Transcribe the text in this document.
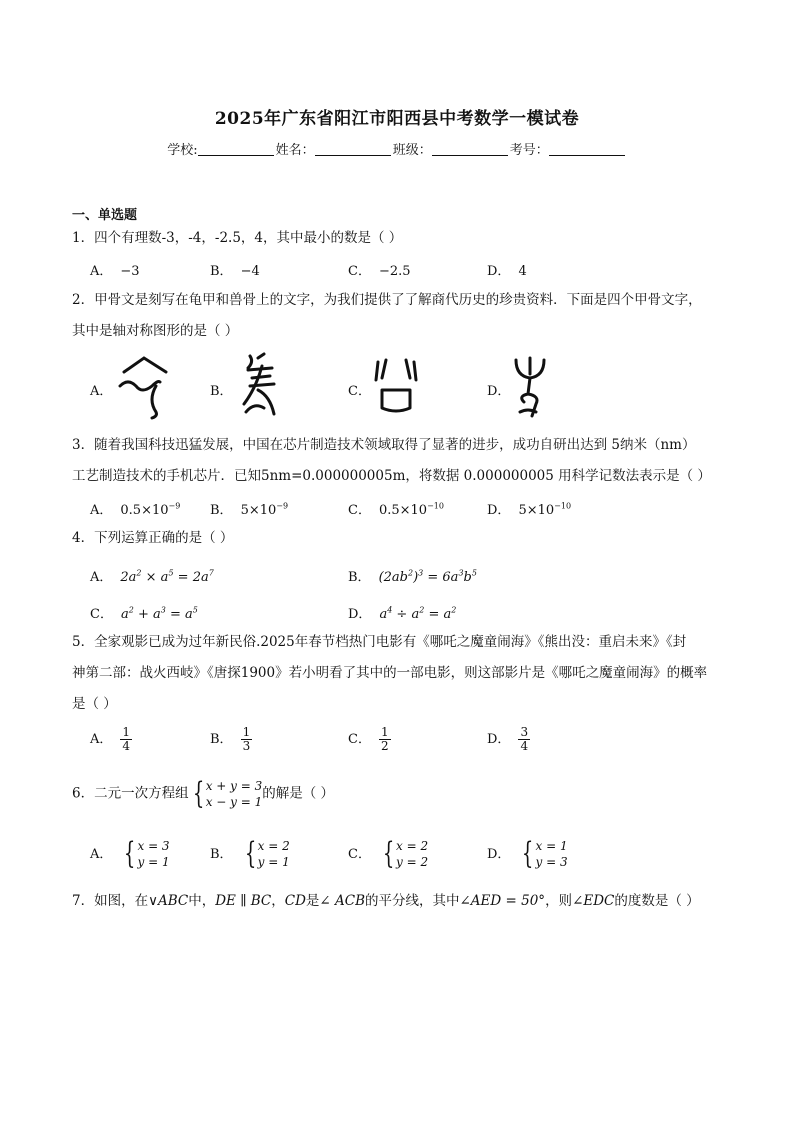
2025年广东省阳江市阳西县中考数学一模试卷
学校:	姓名：	班级：	考号：
一、单选题
1．四个有理数-3，-4，-2.5，4，其中最小的数是（ ）
A． −3	B． −4	C． −2.5	D． 4
2．甲骨文是刻写在龟甲和兽骨上的文字，为我们提供了了解商代历史的珍贵资料．下面是四个甲骨文字，
其中是轴对称图形的是（ ）
A．	B．	C．	D．
3．随着我国科技迅猛发展，中国在芯片制造技术领域取得了显著的进步，成功自研出达到 5纳米（nm）
工艺制造技术的手机芯片．已知5nm=0.000000005m，将数据 0.000000005 用科学记数法表示是（ ）
A． $0.5\times 10^{-9}$ B． $5\times 10^{-9}$	C． $0.5\times 10^{-10}$	D． $5\times 10^{-10}$
4．下列运算正确的是（ ）
A． $2a^2 \times a^5 = 2a^7$	B． $(2ab^2)^3 = 6a^3b^5$
C． $a^2 + a^3 = a^5$	D． $a^4 \div a^2 = a^2$
5．全家观影已成为过年新民俗.2025年春节档热门电影有《哪吒之魔童闹海》《熊出没：重启未来》《封
神第二部：战火西岐》《唐探1900》若小明看了其中的一部电影，则这部影片是《哪吒之魔童闹海》的概率
是（ ）
A． $\frac{1}{4}$	B． $\frac{1}{3}$	C． $\frac{1}{2}$	D． $\frac{3}{4}$
6．二元一次方程组 { x + y = 3
x − y = 1
的解是（ ）
A． { x = 3
y = 1
B． { x = 2
y = 1
C． { x = 2
y = 2
D． { x = 1
y = 3
7．如图，在∨ABC中，DE ∥ BC，CD是∠ ACB的平分线，其中∠AED = 50°，则∠EDC的度数是（ ）
